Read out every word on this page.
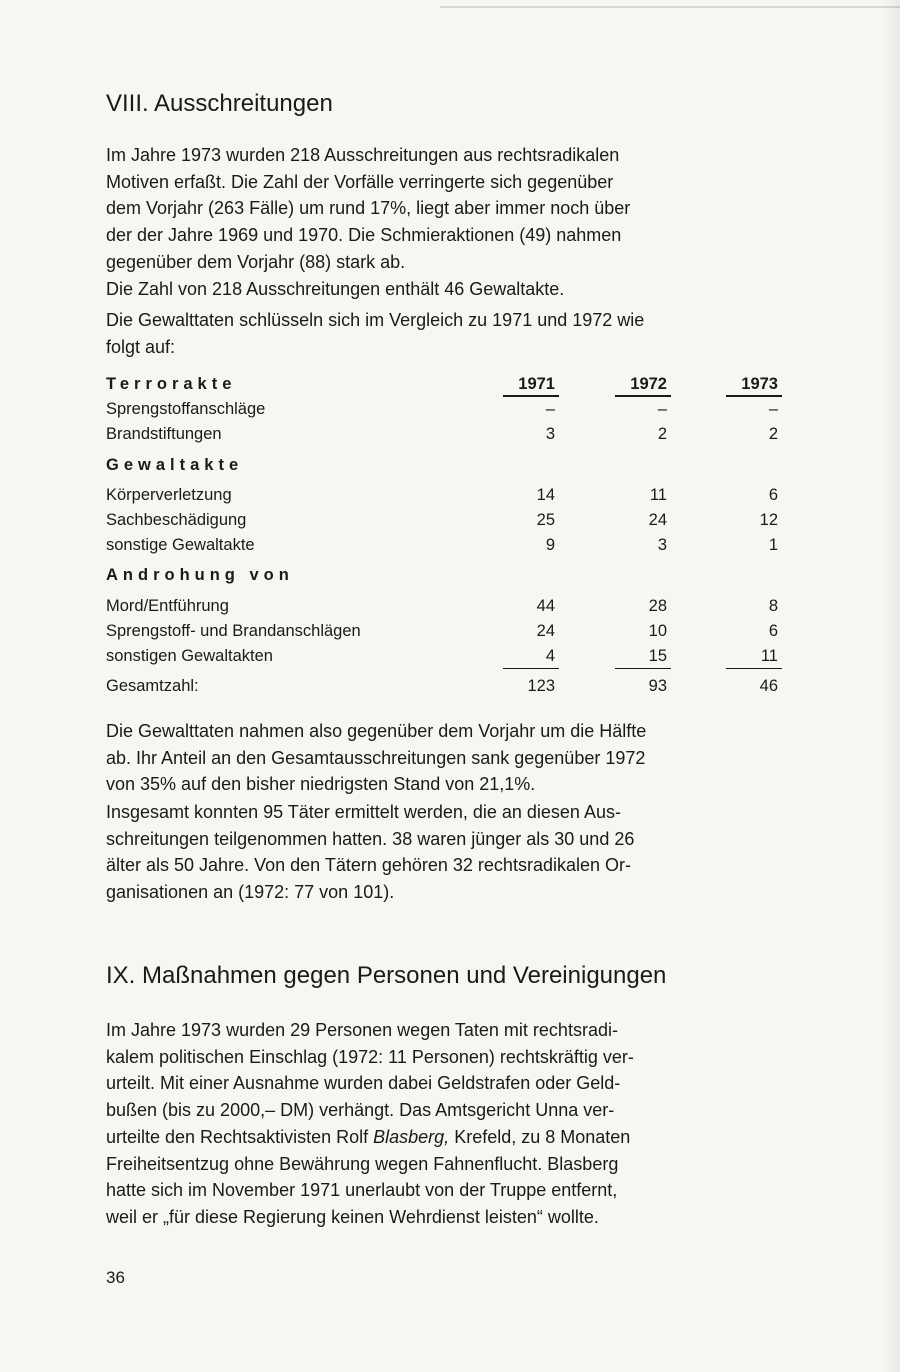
VIII. Ausschreitungen
Im Jahre 1973 wurden 218 Ausschreitungen aus rechtsradikalen
Motiven erfaßt. Die Zahl der Vorfälle verringerte sich gegenüber
dem Vorjahr (263 Fälle) um rund 17%, liegt aber immer noch über
der der Jahre 1969 und 1970. Die Schmieraktionen (49) nahmen
gegenüber dem Vorjahr (88) stark ab.
Die Zahl von 218 Ausschreitungen enthält 46 Gewaltakte.
Die Gewalttaten schlüsseln sich im Vergleich zu 1971 und 1972 wie
folgt auf:
Terrorakte	1971	1972	1973
Sprengstoffanschläge	–	–	–
Brandstiftungen	3	2	2
Gewaltakte
Körperverletzung	14	11	6
Sachbeschädigung	25	24	12
sonstige Gewaltakte	9	3	1
Androhung von
Mord/Entführung	44	28	8
Sprengstoff- und Brandanschlägen	24	10	6
sonstigen Gewaltakten	4	15	11
Gesamtzahl:	123	93	46
Die Gewalttaten nahmen also gegenüber dem Vorjahr um die Hälfte
ab. Ihr Anteil an den Gesamtausschreitungen sank gegenüber 1972
von 35% auf den bisher niedrigsten Stand von 21,1%.
Insgesamt konnten 95 Täter ermittelt werden, die an diesen Aus-
schreitungen teilgenommen hatten. 38 waren jünger als 30 und 26
älter als 50 Jahre. Von den Tätern gehören 32 rechtsradikalen Or-
ganisationen an (1972: 77 von 101).
IX. Maßnahmen gegen Personen und Vereinigungen
Im Jahre 1973 wurden 29 Personen wegen Taten mit rechtsradi-
kalem politischen Einschlag (1972: 11 Personen) rechtskräftig ver-
urteilt. Mit einer Ausnahme wurden dabei Geldstrafen oder Geld-
bußen (bis zu 2000,– DM) verhängt. Das Amtsgericht Unna ver-
urteilte den Rechtsaktivisten Rolf Blasberg, Krefeld, zu 8 Monaten
Freiheitsentzug ohne Bewährung wegen Fahnenflucht. Blasberg
hatte sich im November 1971 unerlaubt von der Truppe entfernt,
weil er „für diese Regierung keinen Wehrdienst leisten“ wollte.
36
